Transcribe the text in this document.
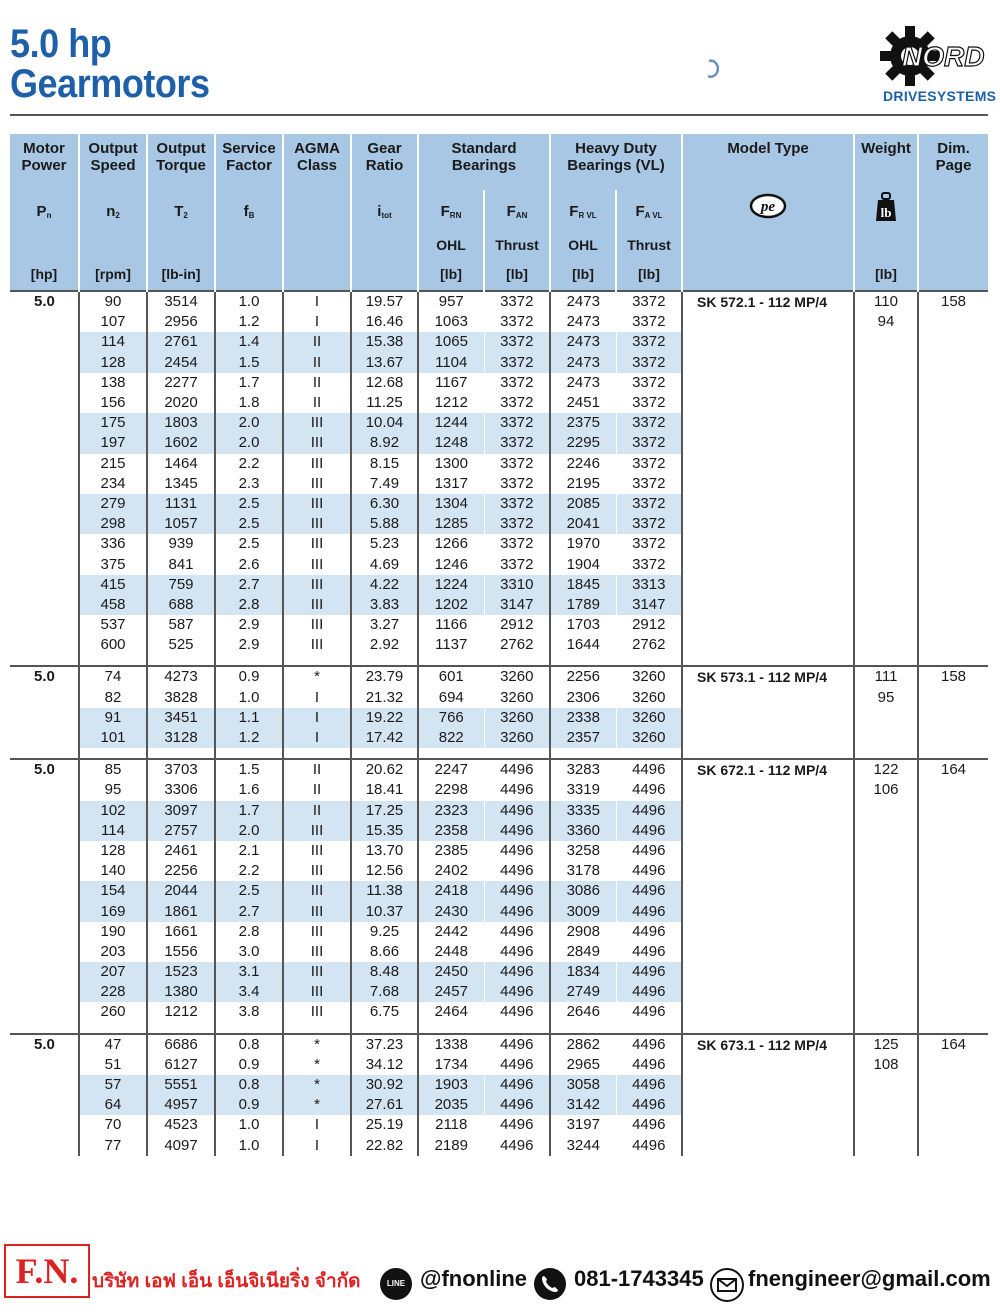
5.0 hp
Gearmotors
NORD
DRIVESYSTEMS
Motor Power	Output Speed	Output Torque	Service Factor	AGMA Class	Gear Ratio	Standard Bearings		Heavy Duty Bearings (VL)		Model Type	Weight	Dim. Page
$P_n$	$n_2$	$T_2$	$f_B$		$i_{tot}$	$F_{RN}$	$F_{AN}$	$F_{R VL}$	$F_{A VL}$	pe	lb	

						OHL	Thrust	OHL	Thrust			
[hp]	[rpm]	[lb-in]				[lb]	[lb]	[lb]	[lb]		[lb]	
5.0	90	3514	1.0	I	19.57	957	3372	2473	3372	SK 572.1 - 112 MP/4	110	158
	107	2956	1.2	I	16.46	1063	3372	2473	3372		94	
	114	2761	1.4	II	15.38	1065	3372	2473	3372			
	128	2454	1.5	II	13.67	1104	3372	2473	3372			
	138	2277	1.7	II	12.68	1167	3372	2473	3372			
	156	2020	1.8	II	11.25	1212	3372	2451	3372			
	175	1803	2.0	III	10.04	1244	3372	2375	3372			
	197	1602	2.0	III	8.92	1248	3372	2295	3372			
	215	1464	2.2	III	8.15	1300	3372	2246	3372			
	234	1345	2.3	III	7.49	1317	3372	2195	3372			
	279	1131	2.5	III	6.30	1304	3372	2085	3372			
	298	1057	2.5	III	5.88	1285	3372	2041	3372			
	336	939	2.5	III	5.23	1266	3372	1970	3372			
	375	841	2.6	III	4.69	1246	3372	1904	3372			
	415	759	2.7	III	4.22	1224	3310	1845	3313			
	458	688	2.8	III	3.83	1202	3147	1789	3147			
	537	587	2.9	III	3.27	1166	2912	1703	2912			
	600	525	2.9	III	2.92	1137	2762	1644	2762			

5.0	74	4273	0.9	*	23.79	601	3260	2256	3260	SK 573.1 - 112 MP/4	111	158
	82	3828	1.0	I	21.32	694	3260	2306	3260		95	
	91	3451	1.1	I	19.22	766	3260	2338	3260			
	101	3128	1.2	I	17.42	822	3260	2357	3260			

5.0	85	3703	1.5	II	20.62	2247	4496	3283	4496	SK 672.1 - 112 MP/4	122	164
	95	3306	1.6	II	18.41	2298	4496	3319	4496		106	
	102	3097	1.7	II	17.25	2323	4496	3335	4496			
	114	2757	2.0	III	15.35	2358	4496	3360	4496			
	128	2461	2.1	III	13.70	2385	4496	3258	4496			
	140	2256	2.2	III	12.56	2402	4496	3178	4496			
	154	2044	2.5	III	11.38	2418	4496	3086	4496			
	169	1861	2.7	III	10.37	2430	4496	3009	4496			
	190	1661	2.8	III	9.25	2442	4496	2908	4496			
	203	1556	3.0	III	8.66	2448	4496	2849	4496			
	207	1523	3.1	III	8.48	2450	4496	1834	4496			
	228	1380	3.4	III	7.68	2457	4496	2749	4496			
	260	1212	3.8	III	6.75	2464	4496	2646	4496			

5.0	47	6686	0.8	*	37.23	1338	4496	2862	4496	SK 673.1 - 112 MP/4	125	164
	51	6127	0.9	*	34.12	1734	4496	2965	4496		108	
	57	5551	0.8	*	30.92	1903	4496	3058	4496			
	64	4957	0.9	*	27.61	2035	4496	3142	4496			
	70	4523	1.0	I	25.19	2118	4496	3197	4496			
	77	4097	1.0	I	22.82	2189	4496	3244	4496			
F.N. บริษัท เอฟ เอ็น เอ็นจิเนียริ่ง จำกัด	LINE @fnonline 081-1743345 fnengineer@gmail.com
